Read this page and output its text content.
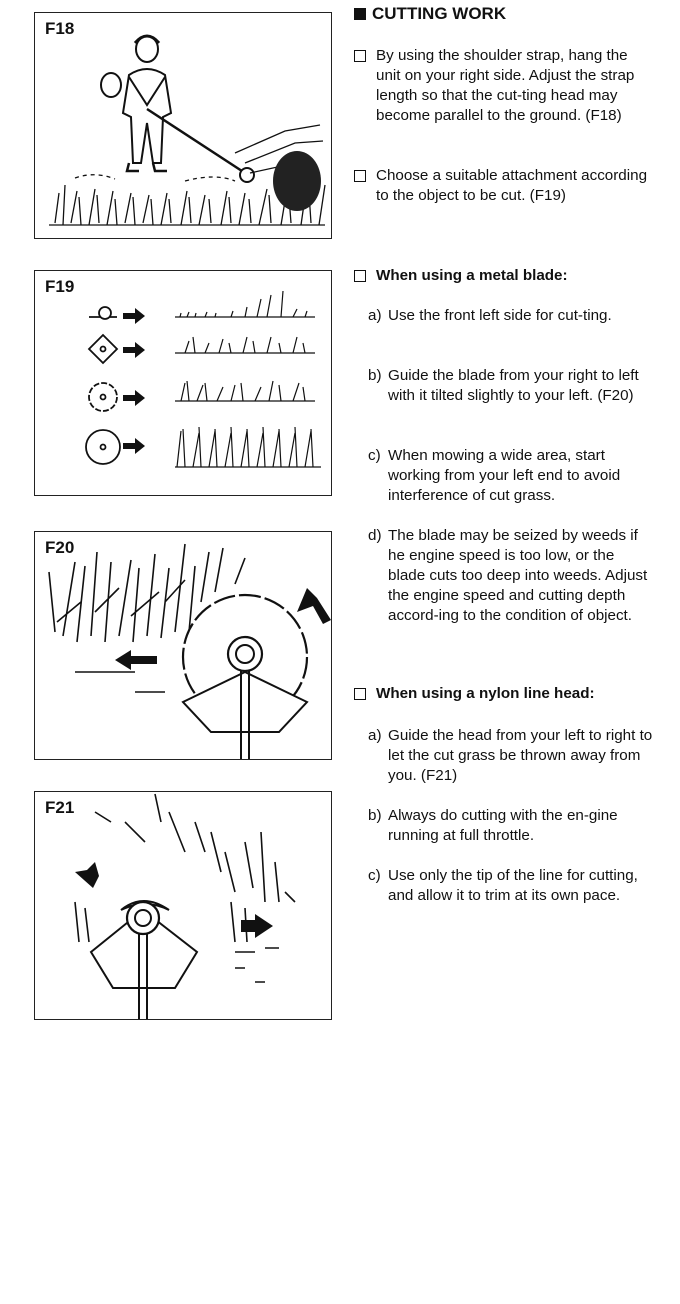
F18
F19
F20
F21
CUTTING WORK
By using the shoulder strap, hang the unit on your right side. Adjust the strap length so that the cut-ting head may become parallel to the ground. (F18)
Choose a suitable attachment according to the object to be cut. (F19)
When using a metal blade:
a) Use the front left side for cut-ting.
b) Guide the blade from your right to left with it tilted slightly to your left. (F20)
c) When mowing a wide area, start working from your left end to avoid interference of cut grass.
d) The blade may be seized by weeds if he engine speed is too low, or the blade cuts too deep into weeds. Adjust the engine speed and cutting depth accord-ing to the condition of object.
When using a nylon line head:
a) Guide the head from your left to right to let the cut grass be thrown away from you. (F21)
b) Always do cutting with the en-gine running at full throttle.
c) Use only the tip of the line for cutting, and allow it to trim at its own pace.
